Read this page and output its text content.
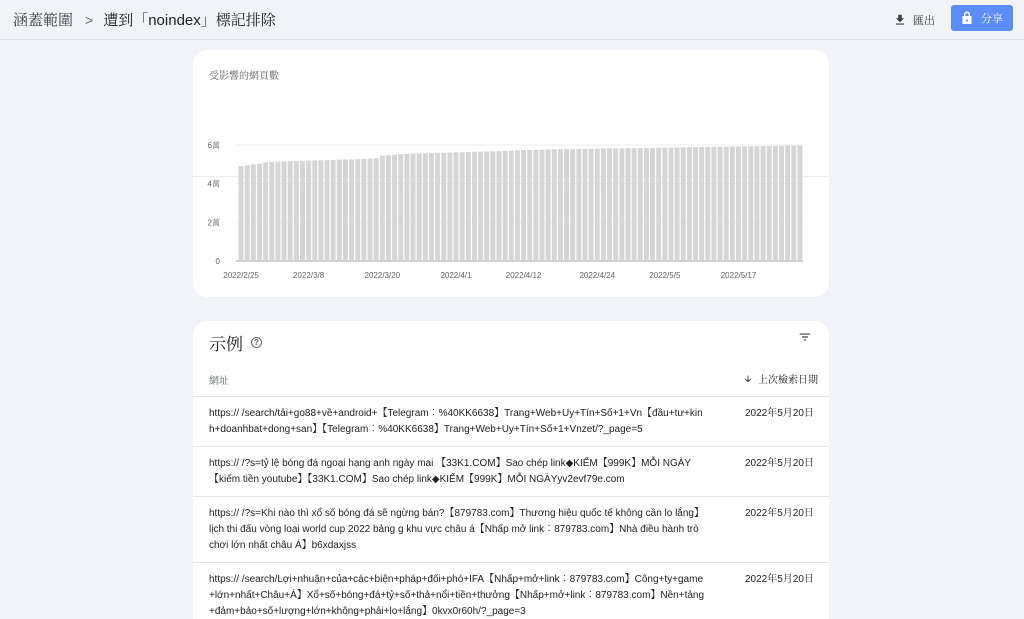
涵蓋範圍 > 遭到「noindex」標記排除	匯出	分享
受影響的網頁數
0
2萬
4萬
6萬
2022/2/25	2022/3/8	2022/3/20	2022/4/1	2022/4/12	2022/4/24	2022/5/5	2022/5/17
示例	?
網址	上次檢索日期
https:// /search/tải+go88+về+android+【Telegram︰%40KK6638】Trang+Web+Uy+Tín+Số+1+Vn【đầu+tư+kinh+doanhbat+dong+san】【Telegram︰%40KK6638】Trang+Web+Uy+Tín+Số+1+Vnzet/?_page=5
2022年5月20日
https:// /?s=tỷ lệ bóng đá ngoại hạng anh ngày mai 【33K1.COM】Sao chép link◆KIẾM【999K】MỖI NGÀY【kiếm tiền youtube】【33K1.COM】Sao chép link◆KIẾM【999K】MỖI NGÀYyv2evf79e.com
2022年5月20日
https:// /?s=Khi nào thì xổ số bóng đá sẽ ngừng bán?【879783.com】Thương hiệu quốc tế không cần lo lắng】lịch thi đấu vòng loại world cup 2022 bảng g khu vực châu á【Nhấp mở link︰879783.com】Nhà điều hành trò chơi lớn nhất châu Á】b6xdaxjss
2022年5月20日
https:// /search/Lợi+nhuận+của+các+biện+pháp+đối+phó+IFA【Nhấp+mở+link︰879783.com】Công+ty+game+lớn+nhất+Châu+Á】Xổ+số+bóng+đá+tỷ+số+thả+nổi+tiền+thưởng【Nhấp+mở+link︰879783.com】Nền+tảng+đảm+bảo+số+lượng+lớn+không+phải+lo+lắng】0kvx0r60h/?_page=3
2022年5月20日
